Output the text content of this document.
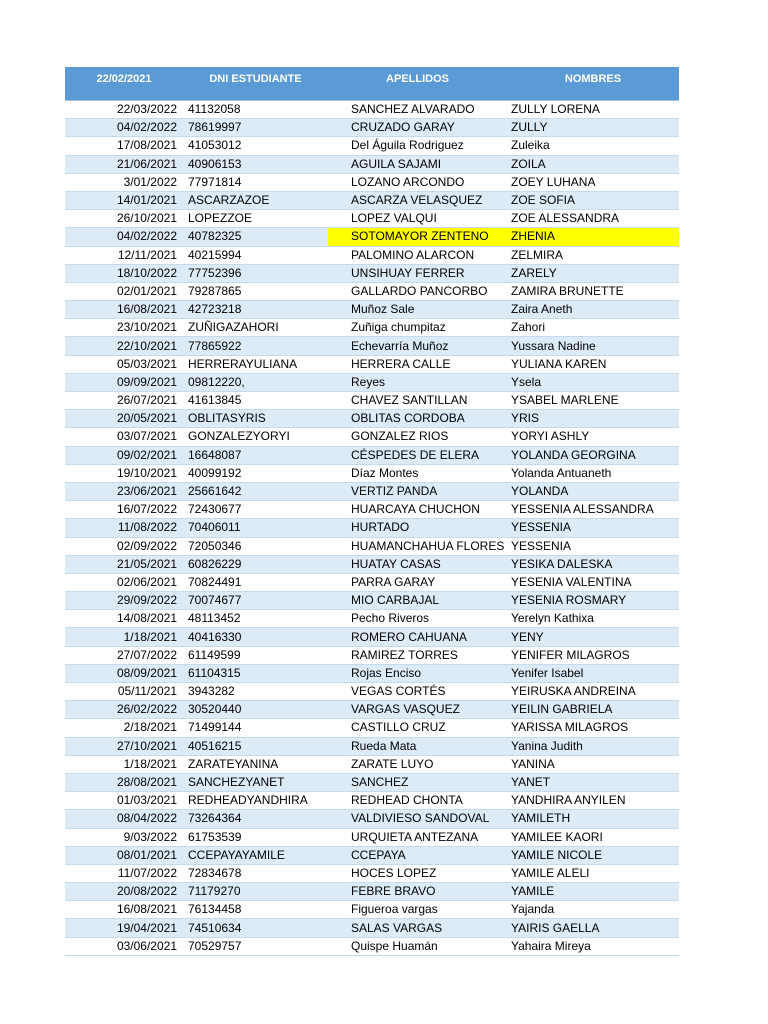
22/02/2021	DNI ESTUDIANTE	APELLIDOS	NOMBRES
22/03/2022	41132058	SANCHEZ ALVARADO	ZULLY LORENA
04/02/2022	78619997	CRUZADO GARAY	ZULLY
17/08/2021	41053012	Del Águila Rodriguez	Zuleika
21/06/2021	40906153	AGUILA SAJAMI	ZOILA
3/01/2022	77971814	LOZANO ARCONDO	ZOEY LUHANA
14/01/2021	ASCARZAZOE	ASCARZA VELASQUEZ	ZOE SOFIA
26/10/2021	LOPEZZOE	LOPEZ VALQUI	ZOE ALESSANDRA
04/02/2022	40782325	SOTOMAYOR ZENTENO	ZHENIA
12/11/2021	40215994	PALOMINO ALARCON	ZELMIRA
18/10/2022	77752396	UNSIHUAY FERRER	ZARELY
02/01/2021	79287865	GALLARDO PANCORBO	ZAMIRA BRUNETTE
16/08/2021	42723218	Muñoz Sale	Zaira Aneth
23/10/2021	ZUÑIGAZAHORI	Zuñiga chumpitaz	Zahori
22/10/2021	77865922	Echevarría Muñoz	Yussara Nadine
05/03/2021	HERRERAYULIANA	HERRERA CALLE	YULIANA KAREN
09/09/2021	09812220,	Reyes	Ysela
26/07/2021	41613845	CHAVEZ SANTILLAN	YSABEL MARLENE
20/05/2021	OBLITASYRIS	OBLITAS CORDOBA	YRIS
03/07/2021	GONZALEZYORYI	GONZALEZ RIOS	YORYI ASHLY
09/02/2021	16648087	CÉSPEDES DE ELERA	YOLANDA GEORGINA
19/10/2021	40099192	Díaz Montes	Yolanda Antuaneth
23/06/2021	25661642	VERTIZ PANDA	YOLANDA
16/07/2022	72430677	HUARCAYA CHUCHON	YESSENIA ALESSANDRA
11/08/2022	70406011	HURTADO	YESSENIA
02/09/2022	72050346	HUAMANCHAHUA FLORES	YESSENIA
21/05/2021	60826229	HUATAY CASAS	YESIKA DALESKA
02/06/2021	70824491	PARRA GARAY	YESENIA VALENTINA
29/09/2022	70074677	MIO CARBAJAL	YESENIA ROSMARY
14/08/2021	48113452	Pecho Riveros	Yerelyn Kathixa
1/18/2021	40416330	ROMERO CAHUANA	YENY
27/07/2022	61149599	RAMIREZ TORRES	YENIFER MILAGROS
08/09/2021	61104315	Rojas Enciso	Yenifer Isabel
05/11/2021	3943282	VEGAS CORTÉS	YEIRUSKA ANDREINA
26/02/2022	30520440	VARGAS VASQUEZ	YEILIN GABRIELA
2/18/2021	71499144	CASTILLO CRUZ	YARISSA MILAGROS
27/10/2021	40516215	Rueda Mata	Yanina Judith
1/18/2021	ZARATEYANINA	ZARATE LUYO	YANINA
28/08/2021	SANCHEZYANET	SANCHEZ	YANET
01/03/2021	REDHEADYANDHIRA	REDHEAD CHONTA	YANDHIRA ANYILEN
08/04/2022	73264364	VALDIVIESO SANDOVAL	YAMILETH
9/03/2022	61753539	URQUIETA ANTEZANA	YAMILEE KAORI
08/01/2021	CCEPAYAYAMILE	CCEPAYA	YAMILE NICOLE
11/07/2022	72834678	HOCES LOPEZ	YAMILE ALELI
20/08/2022	71179270	FEBRE BRAVO	YAMILE
16/08/2021	76134458	Figueroa vargas	Yajanda
19/04/2021	74510634	SALAS VARGAS	YAIRIS GAELLA
03/06/2021	70529757	Quispe Huamán	Yahaira Mireya
